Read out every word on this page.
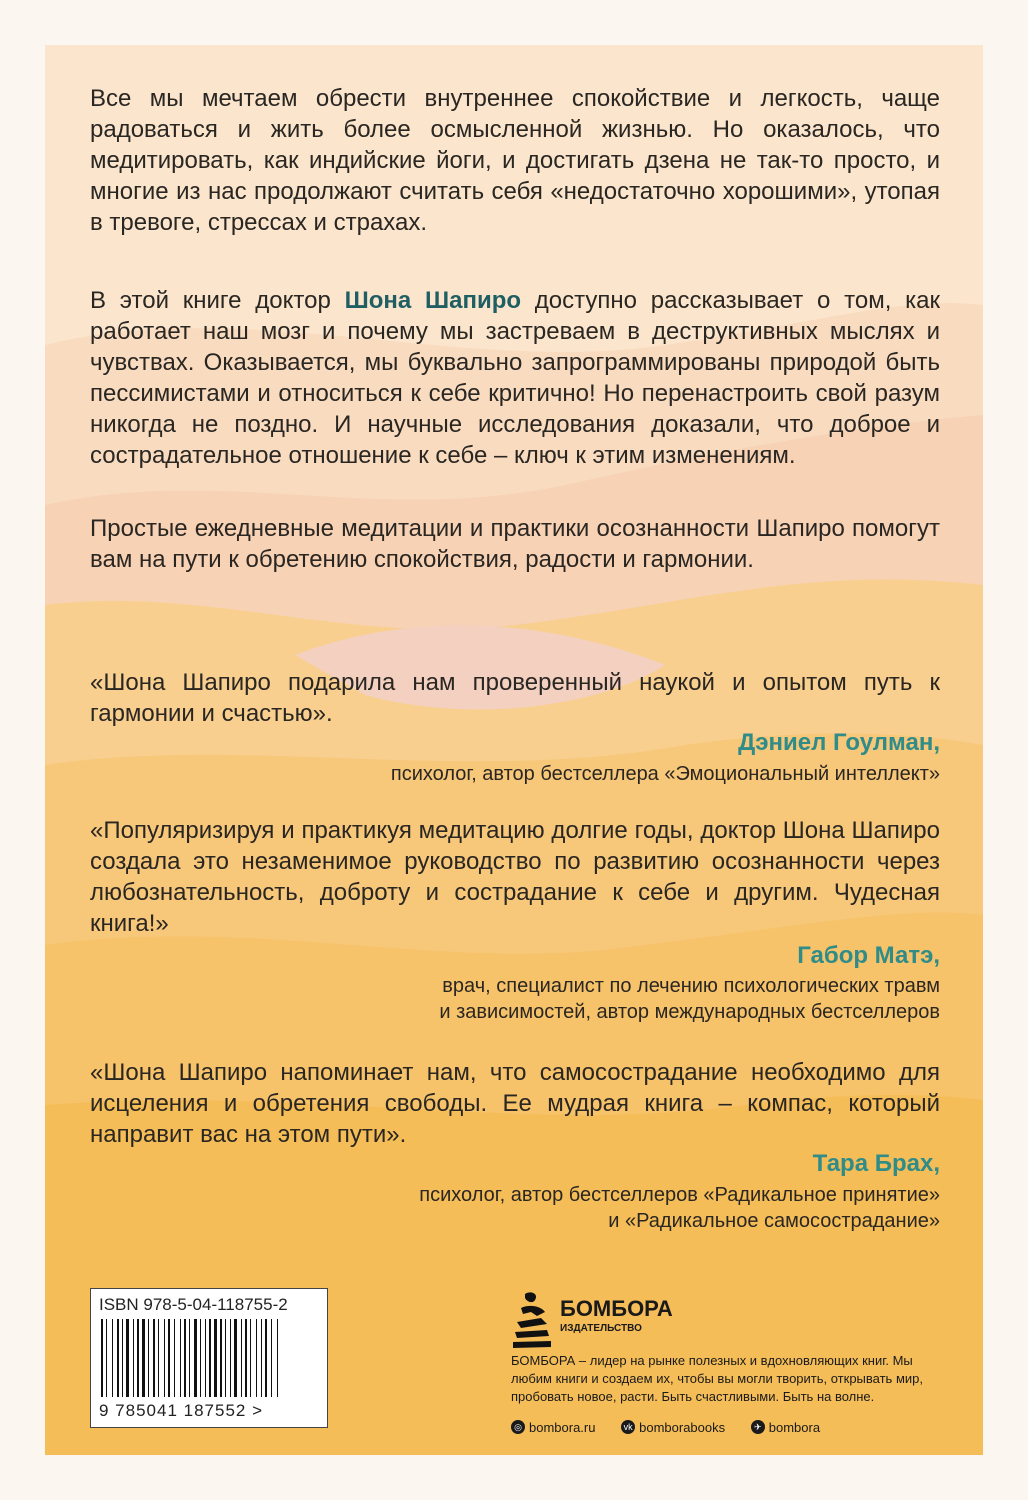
Все мы мечтаем обрести внутреннее спокойствие и легкость, чаще радоваться и жить более осмысленной жизнью. Но оказалось, что медитировать, как индийские йоги, и достигать дзена не так-то просто, и многие из нас продолжают считать себя «недостаточно хорошими», утопая в тревоге, стрессах и страхах.
В этой книге доктор Шона Шапиро доступно рассказывает о том, как работает наш мозг и почему мы застреваем в деструктивных мыслях и чувствах. Оказывается, мы буквально запрограммированы природой быть пессимистами и относиться к себе критично! Но перенастроить свой разум никогда не поздно. И научные исследования доказали, что доброе и сострадательное отношение к себе – ключ к этим изменениям.
Простые ежедневные медитации и практики осознанности Шапиро помогут вам на пути к обретению спокойствия, радости и гармонии.
«Шона Шапиро подарила нам проверенный наукой и опытом путь к гармонии и счастью».
Дэниел Гоулман,
психолог, автор бестселлера «Эмоциональный интеллект»
«Популяризируя и практикуя медитацию долгие годы, доктор Шона Шапиро создала это незаменимое руководство по развитию осознанности через любознательность, доброту и сострадание к себе и другим. Чудесная книга!»
Габор Матэ,
врач, специалист по лечению психологических травм
и зависимостей, автор международных бестселлеров
«Шона Шапиро напоминает нам, что самосострадание необходимо для исцеления и обретения свободы. Ее мудрая книга – компас, который направит вас на этом пути».
Тара Брах,
психолог, автор бестселлеров «Радикальное принятие»
и «Радикальное самосострадание»
ISBN 978-5-04-118755-2
9 785041 187552 >
БОМБОРА
ИЗДАТЕЛЬСТВО
БОМБОРА – лидер на рынке полезных и вдохновляющих книг. Мы любим книги и создаем их, чтобы вы могли творить, открывать мир, пробовать новое, расти. Быть счастливыми. Быть на волне.
◎ bombora.ru
	vk bomborabooks
	✈ bombora
